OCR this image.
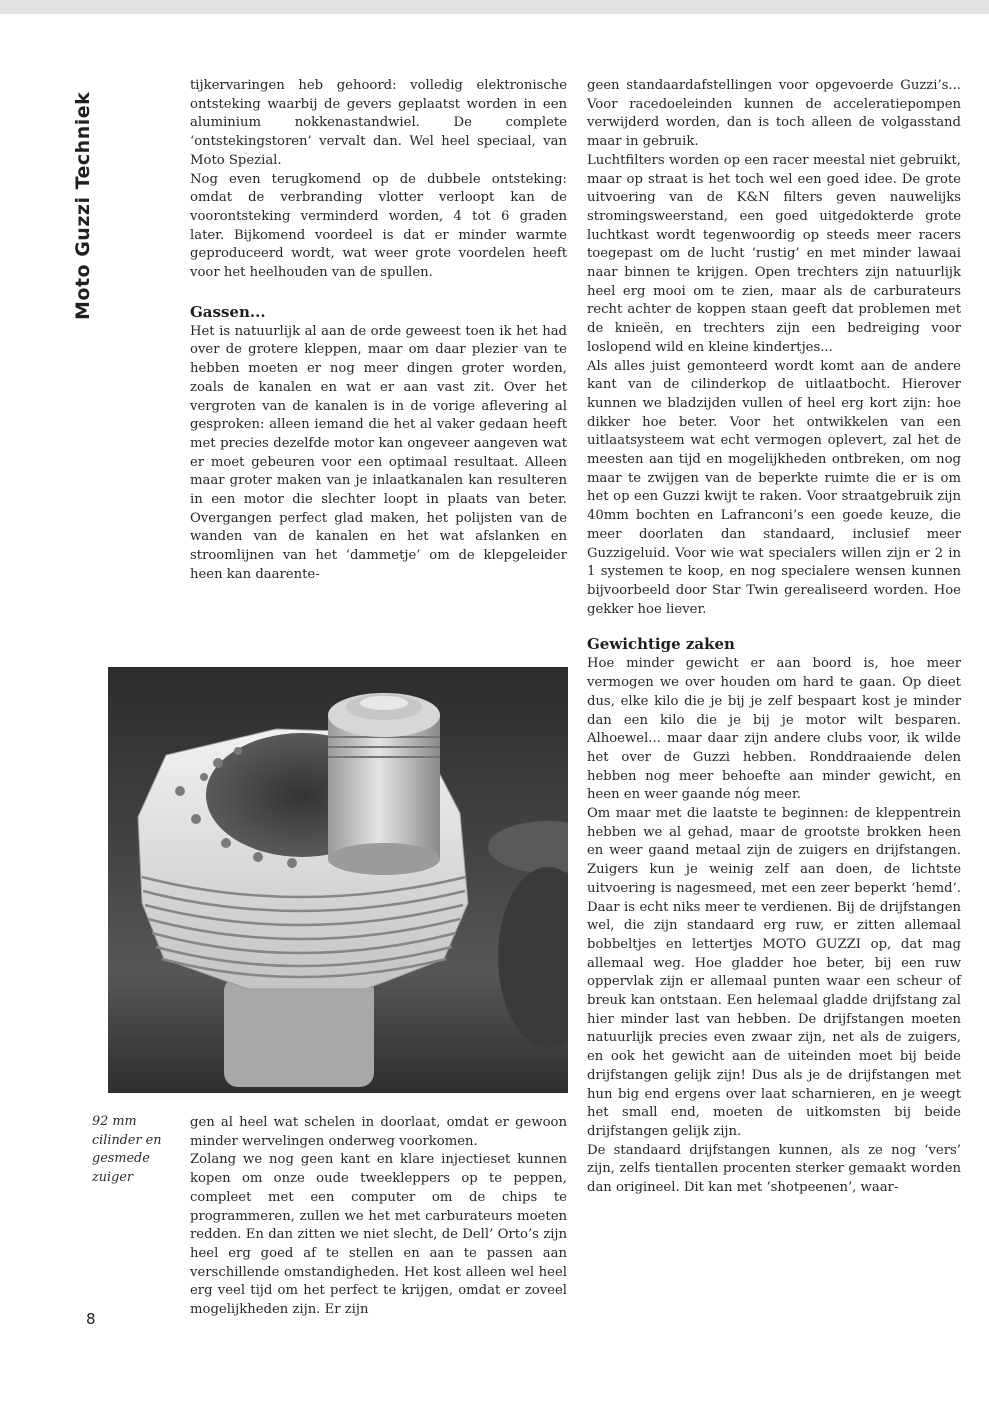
Moto Guzzi Techniek

tijkervaringen heb gehoord: volledig elektronische ontsteking waarbij de gevers geplaatst worden in een aluminium nokkenastandwiel. De complete ‘ontstekingstoren’ vervalt dan. Wel heel speciaal, van Moto Spezial.

Nog even terugkomend op de dubbele ontsteking: omdat de verbranding vlotter verloopt kan de voorontsteking verminderd worden, 4 tot 6 graden later. Bijkomend voordeel is dat er minder warmte geproduceerd wordt, wat weer grote voordelen heeft voor het heelhouden van de spullen.

Gassen...

Het is natuurlijk al aan de orde geweest toen ik het had over de grotere kleppen, maar om daar plezier van te hebben moeten er nog meer dingen groter worden, zoals de kanalen en wat er aan vast zit. Over het vergroten van de kanalen is in de vorige aflevering al gesproken: alleen iemand die het al vaker gedaan heeft met precies dezelfde motor kan ongeveer aangeven wat er moet gebeuren voor een optimaal resultaat. Alleen maar groter maken van je inlaatkanalen kan resulteren in een motor die slechter loopt in plaats van beter. Overgangen perfect glad maken, het polijsten van de wanden van de kanalen en het wat afslanken en stroomlijnen van het ‘dammetje’ om de klepgeleider heen kan daarente-

92 mm cilinder en gesmede zuiger

gen al heel wat schelen in doorlaat, omdat er gewoon minder wervelingen onderweg voorkomen.

Zolang we nog geen kant en klare injectieset kunnen kopen om onze oude tweekleppers op te peppen, compleet met een computer om de chips te programmeren, zullen we het met carburateurs moeten redden. En dan zitten we niet slecht, de Dell’ Orto’s zijn heel erg goed af te stellen en aan te passen aan verschillende omstandigheden. Het kost alleen wel heel erg veel tijd om het perfect te krijgen, omdat er zoveel mogelijkheden zijn. Er zijn

geen standaardafstellingen voor opgevoerde Guzzi’s... Voor racedoeleinden kunnen de acceleratiepompen verwijderd worden, dan is toch alleen de volgasstand maar in gebruik.

Luchtfilters worden op een racer meestal niet gebruikt, maar op straat is het toch wel een goed idee. De grote uitvoering van de K&N filters geven nauwelijks stromingsweerstand, een goed uitgedokterde grote luchtkast wordt tegenwoordig op steeds meer racers toegepast om de lucht ‘rustig’ en met minder lawaai naar binnen te krijgen. Open trechters zijn natuurlijk heel erg mooi om te zien, maar als de carburateurs recht achter de koppen staan geeft dat problemen met de knieën, en trechters zijn een bedreiging voor loslopend wild en kleine kindertjes...

Als alles juist gemonteerd wordt komt aan de andere kant van de cilinderkop de uitlaatbocht. Hierover kunnen we bladzijden vullen of heel erg kort zijn: hoe dikker hoe beter. Voor het ontwikkelen van een uitlaatsysteem wat echt vermogen oplevert, zal het de meesten aan tijd en mogelijkheden ontbreken, om nog maar te zwijgen van de beperkte ruimte die er is om het op een Guzzi kwijt te raken. Voor straatgebruik zijn 40mm bochten en Lafranconi’s een goede keuze, die meer doorlaten dan standaard, inclusief meer Guzzigeluid. Voor wie wat specialers willen zijn er 2 in 1 systemen te koop, en nog specialere wensen kunnen bijvoorbeeld door Star Twin gerealiseerd worden. Hoe gekker hoe liever.

Gewichtige zaken

Hoe minder gewicht er aan boord is, hoe meer vermogen we over houden om hard te gaan. Op dieet dus, elke kilo die je bij je zelf bespaart kost je minder dan een kilo die je bij je motor wilt besparen. Alhoewel... maar daar zijn andere clubs voor, ik wilde het over de Guzzi hebben. Ronddraaiende delen hebben nog meer behoefte aan minder gewicht, en heen en weer gaande nóg meer.

Om maar met die laatste te beginnen: de kleppentrein hebben we al gehad, maar de grootste brokken heen en weer gaand metaal zijn de zuigers en drijfstangen. Zuigers kun je weinig zelf aan doen, de lichtste uitvoering is nagesmeed, met een zeer beperkt ‘hemd’. Daar is echt niks meer te verdienen. Bij de drijfstangen wel, die zijn standaard erg ruw, er zitten allemaal bobbeltjes en lettertjes MOTO GUZZI op, dat mag allemaal weg. Hoe gladder hoe beter, bij een ruw oppervlak zijn er allemaal punten waar een scheur of breuk kan ontstaan. Een helemaal gladde drijfstang zal hier minder last van hebben. De drijfstangen moeten natuurlijk precies even zwaar zijn, net als de zuigers, en ook het gewicht aan de uiteinden moet bij beide drijfstangen gelijk zijn! Dus als je de drijfstangen met hun big end ergens over laat scharnieren, en je weegt het small end, moeten de uitkomsten bij beide drijfstangen gelijk zijn.

De standaard drijfstangen kunnen, als ze nog ‘vers’ zijn, zelfs tientallen procenten sterker gemaakt worden dan origineel. Dit kan met ‘shotpeenen’, waar-

8
